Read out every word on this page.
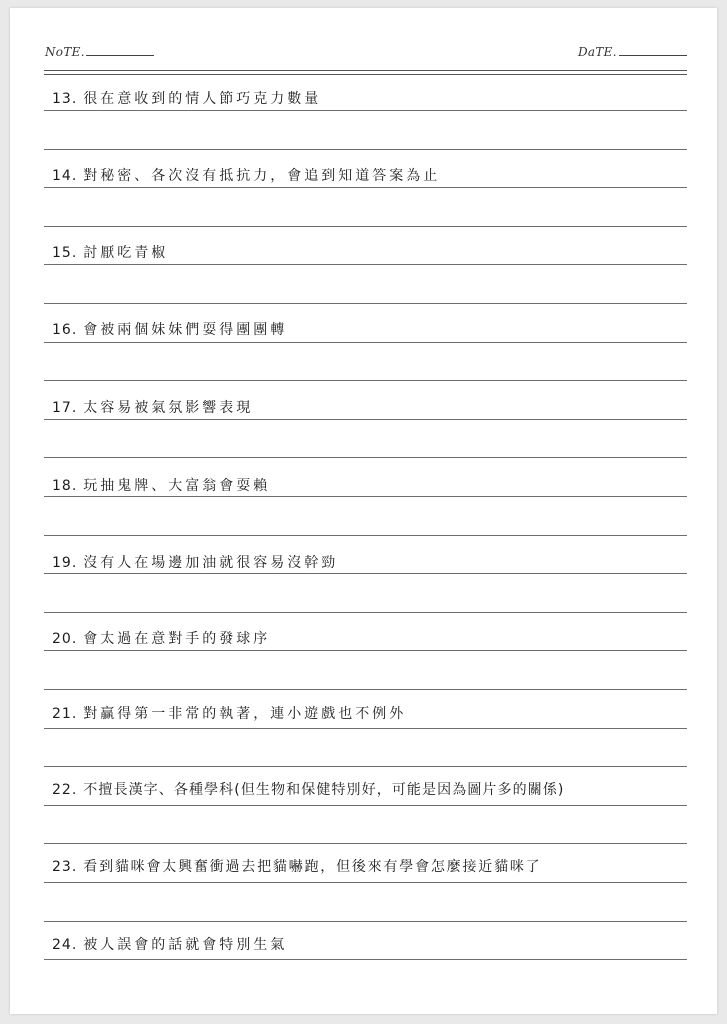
NoTE.	DaTE.
13. 很在意收到的情人節巧克力數量
14. 對秘密、各次沒有抵抗力，會追到知道答案為止
15. 討厭吃青椒
16. 會被兩個妹妹們耍得團團轉
17. 太容易被氣氛影響表現
18. 玩抽鬼牌、大富翁會耍賴
19. 沒有人在場邊加油就很容易沒幹勁
20. 會太過在意對手的發球序
21. 對贏得第一非常的執著，連小遊戲也不例外
22. 不擅長漢字、各種學科(但生物和保健特別好，可能是因為圖片多的關係)
23. 看到貓咪會太興奮衝過去把貓嚇跑，但後來有學會怎麼接近貓咪了
24. 被人誤會的話就會特別生氣
